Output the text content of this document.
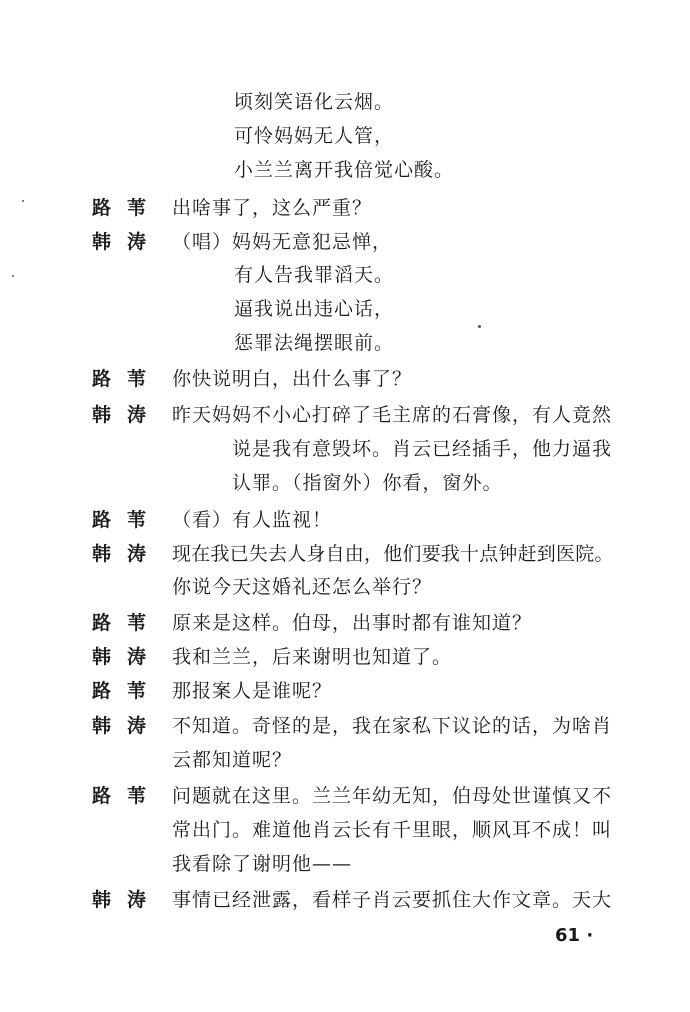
顷刻笑语化云烟。
可怜妈妈无人管，
小兰兰离开我倍觉心酸。
路苇 出啥事了，这么严重？
韩涛 （唱）妈妈无意犯忌惮，
有人告我罪滔天。
逼我说出违心话，
惩罪法绳摆眼前。
路苇 你快说明白，出什么事了？
韩涛 昨天妈妈不小心打碎了毛主席的石膏像，有人竟然
说是我有意毁坏。肖云已经插手，他力逼我
认罪。（指窗外）你看，窗外。
路苇 （看）有人监视！
韩涛 现在我已失去人身自由，他们要我十点钟赶到医院。
你说今天这婚礼还怎么举行？
路苇 原来是这样。伯母，出事时都有谁知道？
韩涛 我和兰兰，后来谢明也知道了。
路苇 那报案人是谁呢？
韩涛 不知道。奇怪的是，我在家私下议论的话，为啥肖
云都知道呢？
路苇 问题就在这里。兰兰年幼无知，伯母处世谨慎又不
常出门。难道他肖云长有千里眼，顺风耳不成！叫
我看除了谢明他——
韩涛 事情已经泄露，看样子肖云要抓住大作文章。天大
61 ·
